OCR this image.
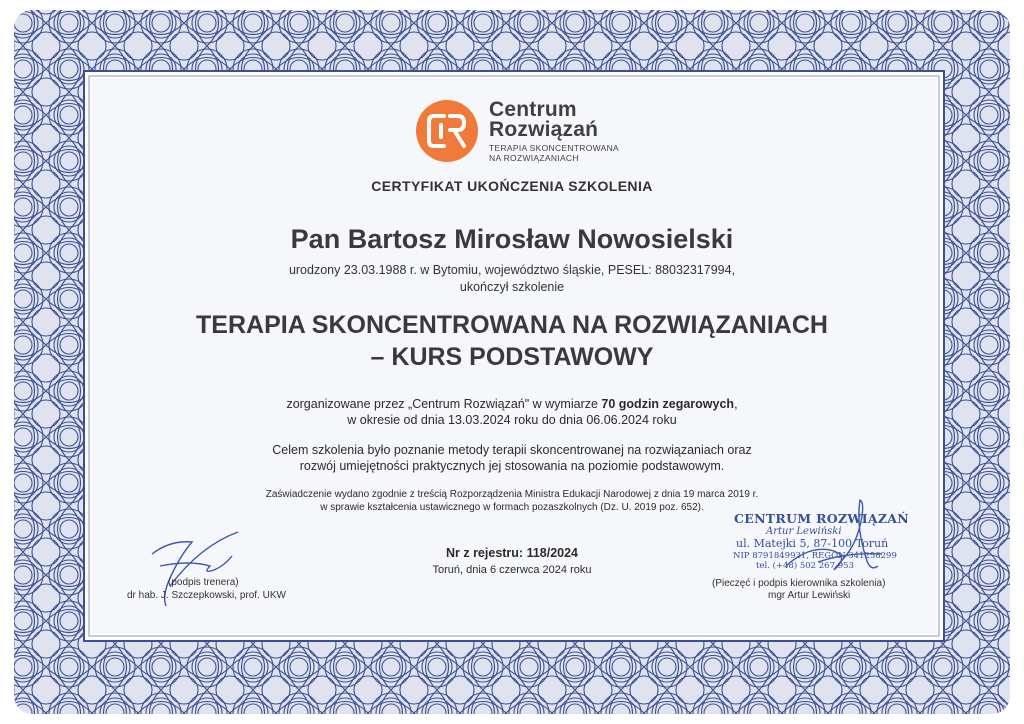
Centrum
Rozwiązań
TERAPIA SKONCENTROWANA
NA ROZWIĄZANIACH
CERTYFIKAT UKOŃCZENIA SZKOLENIA
Pan Bartosz Mirosław Nowosielski
urodzony 23.03.1988 r. w Bytomiu, województwo śląskie, PESEL: 88032317994,
ukończył szkolenie
TERAPIA SKONCENTROWANA NA ROZWIĄZANIACH
– KURS PODSTAWOWY
zorganizowane przez „Centrum Rozwiązań" w wymiarze 70 godzin zegarowych,
w okresie od dnia 13.03.2024 roku do dnia 06.06.2024 roku
Celem szkolenia było poznanie metody terapii skoncentrowanej na rozwiązaniach oraz
rozwój umiejętności praktycznych jej stosowania na poziomie podstawowym.
Zaświadczenie wydano zgodnie z treścią Rozporządzenia Ministra Edukacji Narodowej z dnia 19 marca 2019 r.
w sprawie kształcenia ustawicznego w formach pozaszkolnych (Dz. U. 2019 poz. 652).
Nr z rejestru: 118/2024
Toruń, dnia 6 czerwca 2024 roku
(podpis trenera)
dr hab. J. Szczepkowski, prof. UKW
CENTRUM ROZWIĄZAŃ
Artur Lewiński
ul. Matejki 5, 87-100 Toruń
NIP 8791849931, REGON 341258299
tel. (+48) 502 267 953
(Pieczęć i podpis kierownika szkolenia)
mgr Artur Lewiński
